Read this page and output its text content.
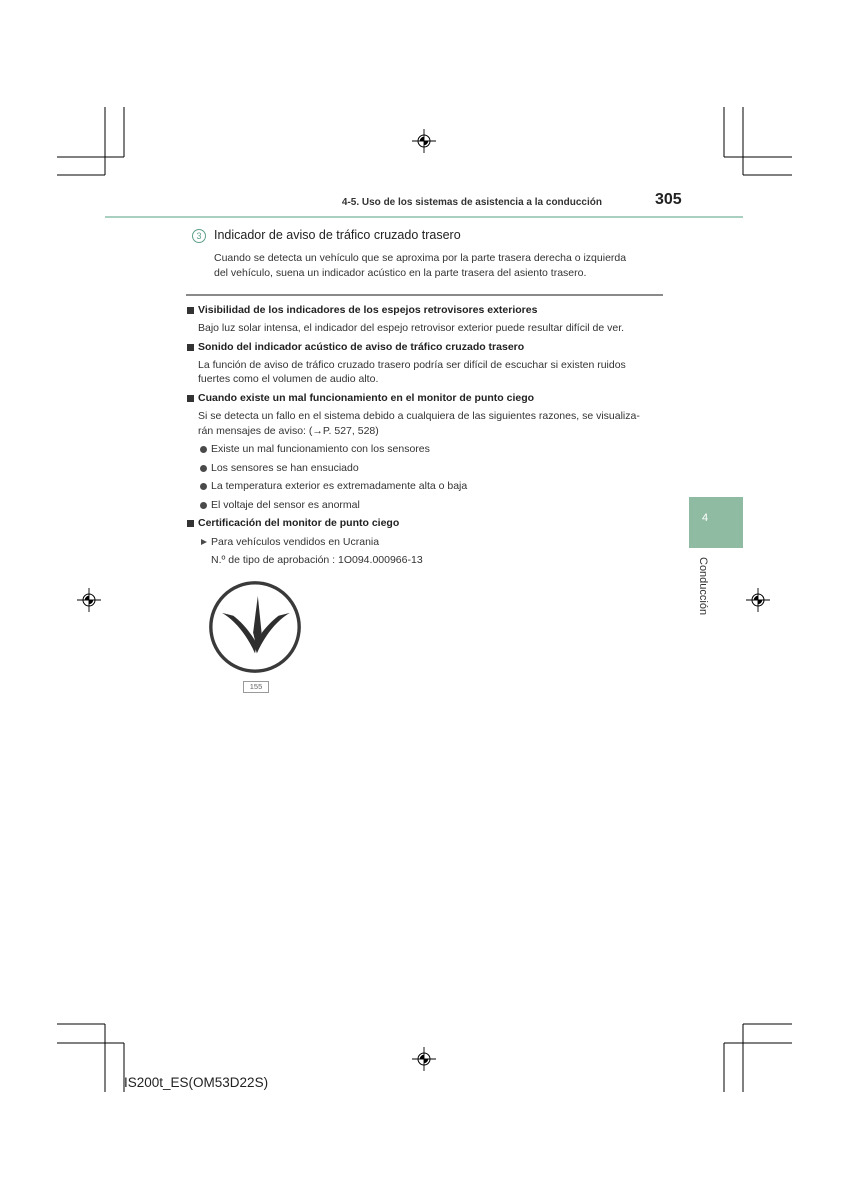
4-5. Uso de los sistemas de asistencia a la conducción	305
4
Conducción
3	Indicador de aviso de tráfico cruzado trasero
Cuando se detecta un vehículo que se aproxima por la parte trasera derecha o izquierda
del vehículo, suena un indicador acústico en la parte trasera del asiento trasero.
Visibilidad de los indicadores de los espejos retrovisores exteriores
Bajo luz solar intensa, el indicador del espejo retrovisor exterior puede resultar difícil de ver.
Sonido del indicador acústico de aviso de tráfico cruzado trasero
La función de aviso de tráfico cruzado trasero podría ser difícil de escuchar si existen ruidos
fuertes como el volumen de audio alto.
Cuando existe un mal funcionamiento en el monitor de punto ciego
Si se detecta un fallo en el sistema debido a cualquiera de las siguientes razones, se visualiza-
rán mensajes de aviso: (→P. 527, 528)
Existe un mal funcionamiento con los sensores
Los sensores se han ensuciado
La temperatura exterior es extremadamente alta o baja
El voltaje del sensor es anormal
Certificación del monitor de punto ciego
Para vehículos vendidos en Ucrania
N.º de tipo de aprobación : 1O094.000966-13
155
IS200t_ES(OM53D22S)
